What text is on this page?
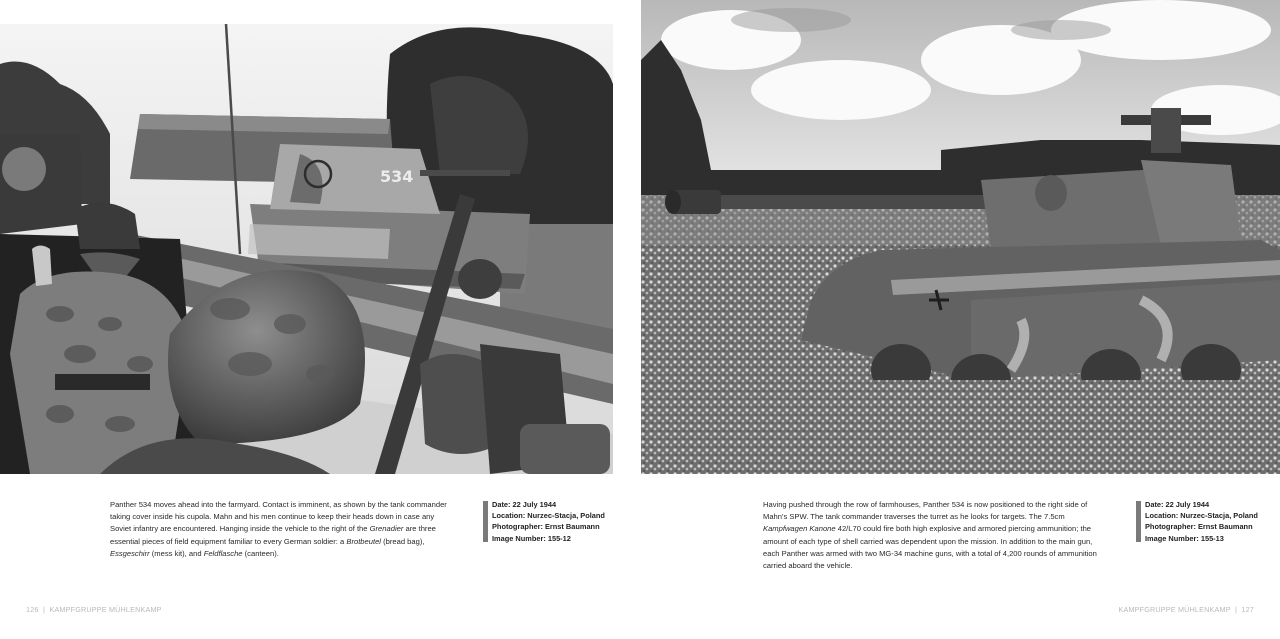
534

Panther 534 moves ahead into the farmyard. Contact is imminent, as shown by the tank commander taking cover inside his cupola. Mahn and his men continue to keep their heads down in case any Soviet infantry are encountered. Hanging inside the vehicle to the right of the Grenadier are three essential pieces of field equipment familiar to every German soldier: a Brotbeutel (bread bag), Essgeschirr (mess kit), and Feldflasche (canteen).

Date: 22 July 1944
Location: Nurzec-Stacja, Poland
Photographer: Ernst Baumann
Image Number: 155-12

Having pushed through the row of farmhouses, Panther 534 is now positioned to the right side of Mahn's SPW. The tank commander traverses the turret as he looks for targets. The 7.5cm Kampfwagen Kanone 42/L70 could fire both high explosive and armored piercing ammunition; the amount of each type of shell carried was dependent upon the mission. In addition to the main gun, each Panther was armed with two MG-34 machine guns, with a total of 4,200 rounds of ammunition carried aboard the vehicle.

Date: 22 July 1944
Location: Nurzec-Stacja, Poland
Photographer: Ernst Baumann
Image Number: 155-13
126  |  KAMPFGRUPPE MÜHLENKAMP	KAMPFGRUPPE MÜHLENKAMP  |  127
